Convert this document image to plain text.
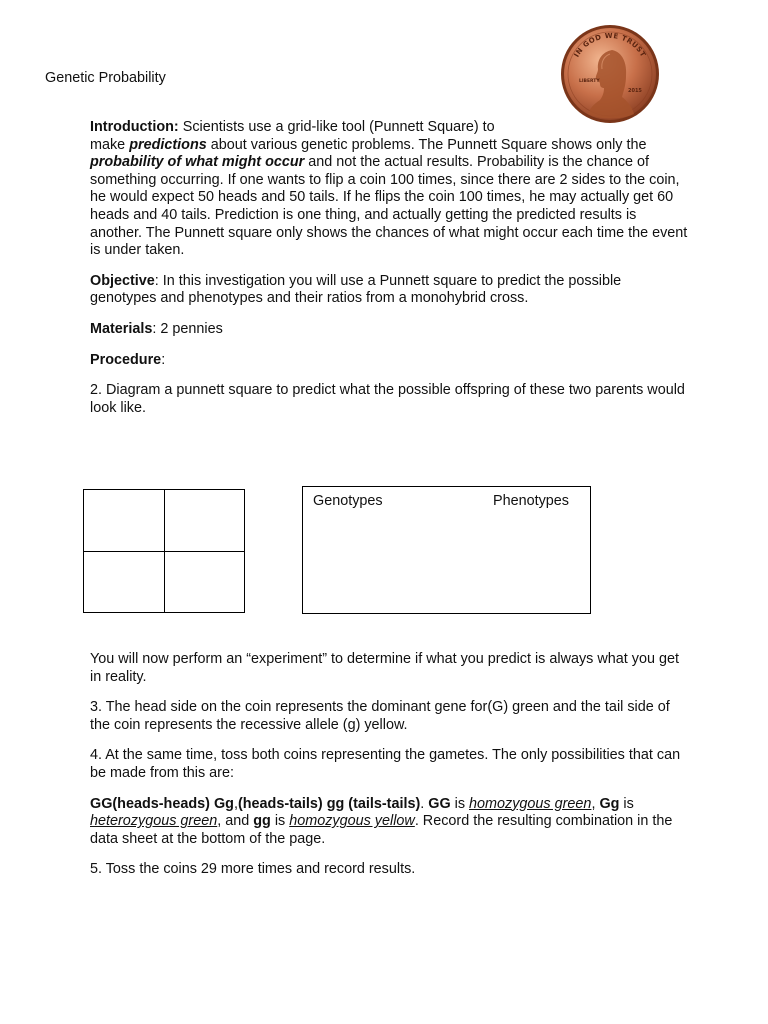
Genetic Probability
IN GOD WE TRUST
LIBERTY
2015

Introduction: Scientists use a grid-like tool (Punnett Square) to
make predictions about various genetic problems. The Punnett Square shows only the
probability of what might occur and not the actual results. Probability is the chance of something occurring. If one wants to flip a coin 100 times, since there are 2 sides to the coin, he would expect 50 heads and 50 tails. If he flips the coin 100 times, he may actually get 60 heads and 40 tails. Prediction is one thing, and actually getting the predicted results is another. The Punnett square only shows the chances of what might occur each time the event is under taken.

Objective: In this investigation you will use a Punnett square to predict the possible genotypes and phenotypes and their ratios from a monohybrid cross.

Materials: 2 pennies

Procedure:

2. Diagram a punnett square to predict what the possible offspring of these two parents would look like.

Genotypes	Phenotypes

You will now perform an “experiment” to determine if what you predict is always what you get in reality.

3. The head side on the coin represents the dominant gene for(G) green and the tail side of the coin represents the recessive allele (g) yellow.

4. At the same time, toss both coins representing the gametes. The only possibilities that can be made from this are:

GG(heads-heads) Gg,(heads-tails) gg (tails-tails). GG is homozygous green, Gg is heterozygous green, and gg is homozygous yellow. Record the resulting combination in the data sheet at the bottom of the page.

5. Toss the coins 29 more times and record results.
